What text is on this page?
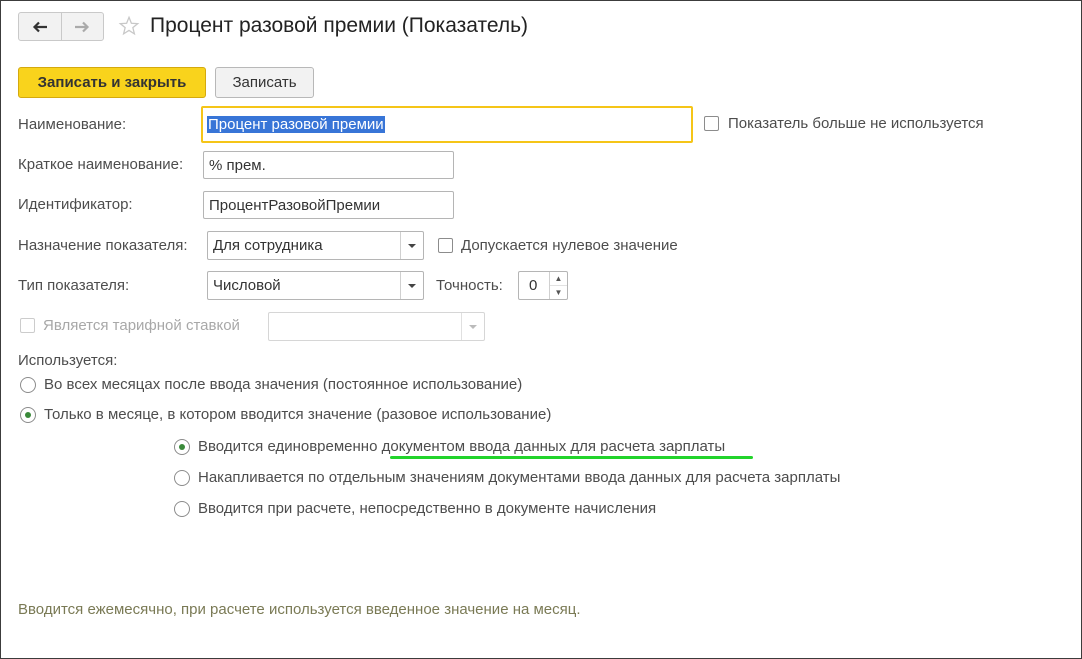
Процент разовой премии (Показатель)
Записать и закрыть	Записать
Наименование:	Процент разовой премии	Показатель больше не используется
Краткое наименование: % прем.
Идентификатор:	ПроцентРазовойПремии
Назначение показателя: Для сотрудника	Допускается нулевое значение
Тип показателя:	Числовой	Точность: 0	▲
▼
Является тарифной ставкой
Используется:
Во всех месяцах после ввода значения (постоянное использование)
Только в месяце, в котором вводится значение (разовое использование)
Вводится единовременно документом ввода данных для расчета зарплаты
Накапливается по отдельным значениям документами ввода данных для расчета зарплаты
Вводится при расчете, непосредственно в документе начисления
Вводится ежемесячно, при расчете используется введенное значение на месяц.
